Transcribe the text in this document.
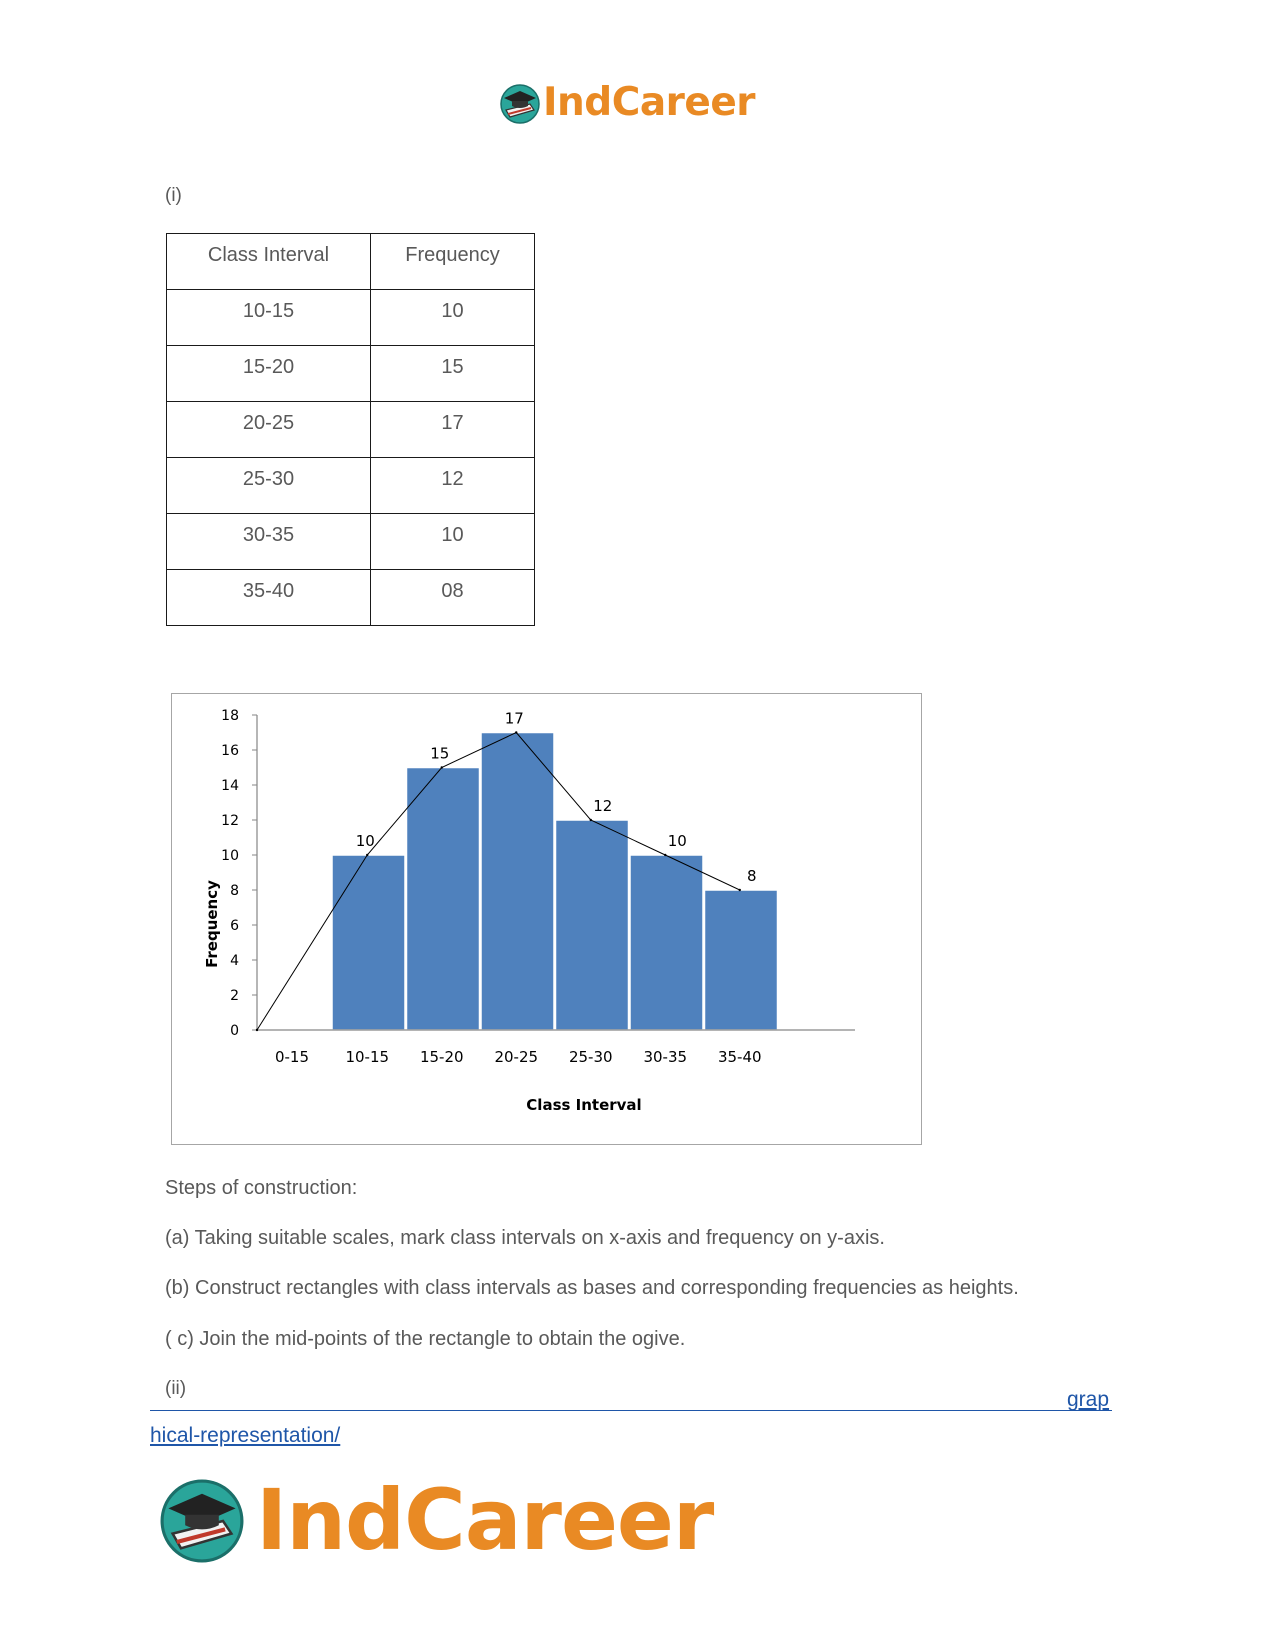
IndCareer
(i)
Class Interval	Frequency
10-15	10
15-20	15
20-25	17
25-30	12
30-35	10
35-40	08
0
2
4
6
8
10
12
14
16
18
0-15 10-15 15-20 20-25 25-30 30-35 35-40
10
15
17
12
10
8
Frequency
Class Interval
Steps of construction:
(a) Taking suitable scales, mark class intervals on x-axis and frequency on y-axis.
(b) Construct rectangles with class intervals as bases and corresponding frequencies as heights.
( c) Join the mid-points of the rectangle to obtain the ogive.
(ii)	grap
hical-representation/
IndCareer
